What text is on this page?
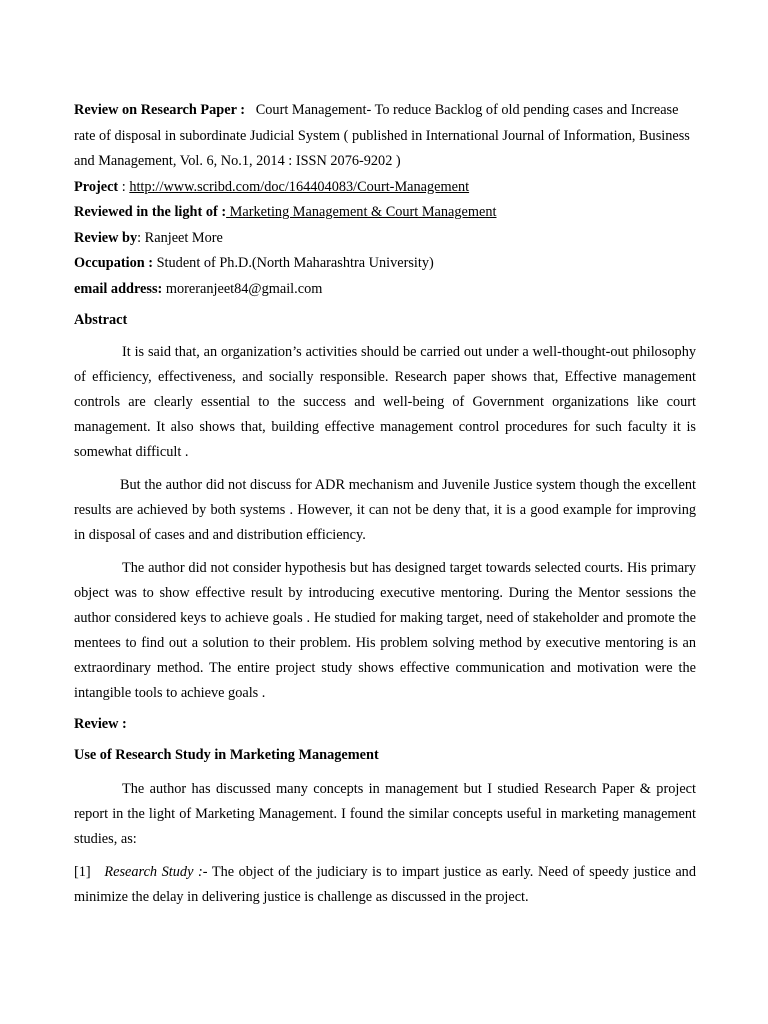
Review on Research Paper : Court Management- To reduce Backlog of old pending cases and Increase rate of disposal in subordinate Judicial System ( published in International Journal of Information, Business and Management, Vol. 6, No.1, 2014 : ISSN 2076-9202 )

Project : http://www.scribd.com/doc/164404083/Court-Management

Reviewed in the light of : Marketing Management & Court Management

Review by: Ranjeet More

Occupation : Student of Ph.D.(North Maharashtra University)

email address: moreranjeet84@gmail.com

Abstract

It is said that, an organization’s activities should be carried out under a well-thought-out philosophy of efficiency, effectiveness, and socially responsible. Research paper shows that, Effective management controls are clearly essential to the success and well-being of Government organizations like court management. It also shows that, building effective management control procedures for such faculty it is somewhat difficult .

But the author did not discuss for ADR mechanism and Juvenile Justice system though the excellent results are achieved by both systems . However, it can not be deny that, it is a good example for improving in disposal of cases and and distribution efficiency.

The author did not consider hypothesis but has designed target towards selected courts. His primary object was to show effective result by introducing executive mentoring. During the Mentor sessions the author considered keys to achieve goals . He studied for making target, need of stakeholder and promote the mentees to find out a solution to their problem. His problem solving method by executive mentoring is an extraordinary method. The entire project study shows effective communication and motivation were the intangible tools to achieve goals .

Review :

Use of Research Study in Marketing Management

The author has discussed many concepts in management but I studied Research Paper & project report in the light of Marketing Management. I found the similar concepts useful in marketing management studies, as:

[1] Research Study :- The object of the judiciary is to impart justice as early. Need of speedy justice and minimize the delay in delivering justice is challenge as discussed in the project.
